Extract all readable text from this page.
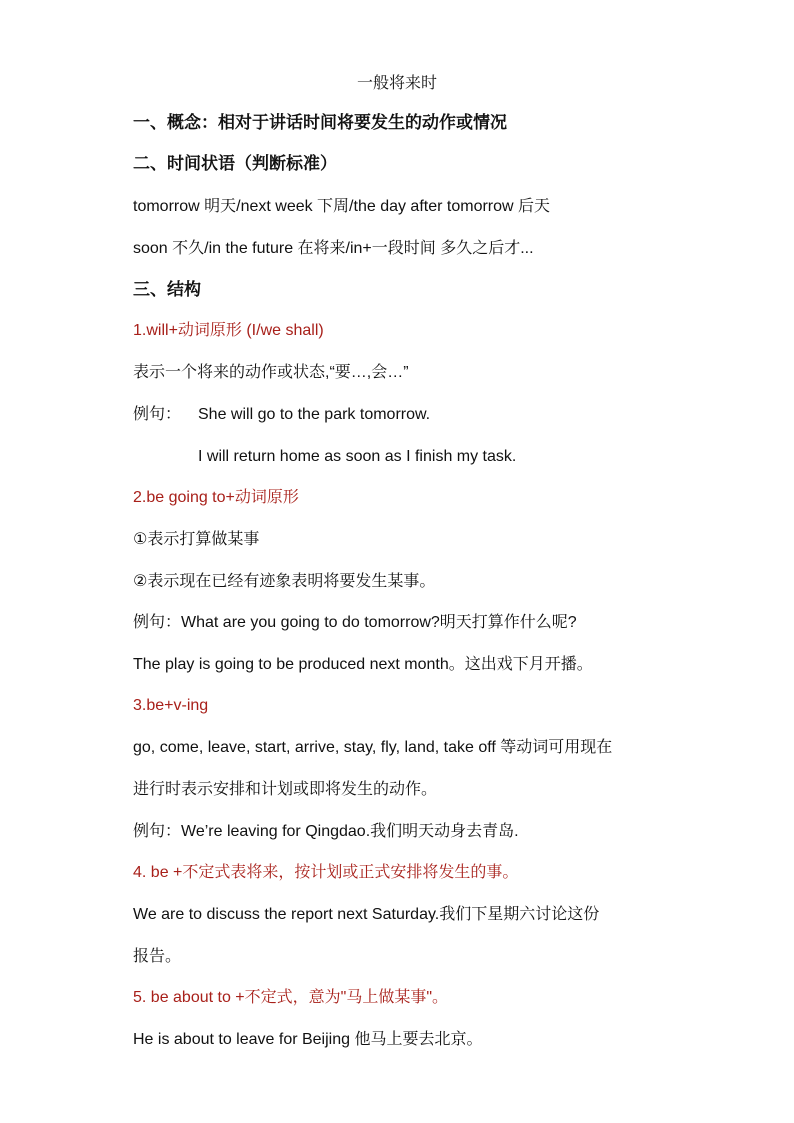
一般将来时
一、概念：相对于讲话时间将要发生的动作或情况
二、时间状语（判断标准）
tomorrow 明天/next week 下周/the day after tomorrow 后天
soon 不久/in the future 在将来/in+一段时间 多久之后才...
三、结构
1.will+动词原形 (I/we shall)
表示一个将来的动作或状态,“要…,会…”
例句： She will go to the park tomorrow.
I will return home as soon as I finish my task.
2.be going to+动词原形
①表示打算做某事
②表示现在已经有迹象表明将要发生某事。
例句：What are you going to do tomorrow?明天打算作什么呢?
The play is going to be produced next month。这出戏下月开播。
3.be+v-ing
go, come, leave, start, arrive, stay, fly, land, take off 等动词可用现在
进行时表示安排和计划或即将发生的动作。
例句：We’re leaving for Qingdao.我们明天动身去青岛.
4. be +不定式表将来，按计划或正式安排将发生的事。
We are to discuss the report next Saturday.我们下星期六讨论这份
报告。
5. be about to +不定式，意为"马上做某事"。
He is about to leave for Beijing 他马上要去北京。
